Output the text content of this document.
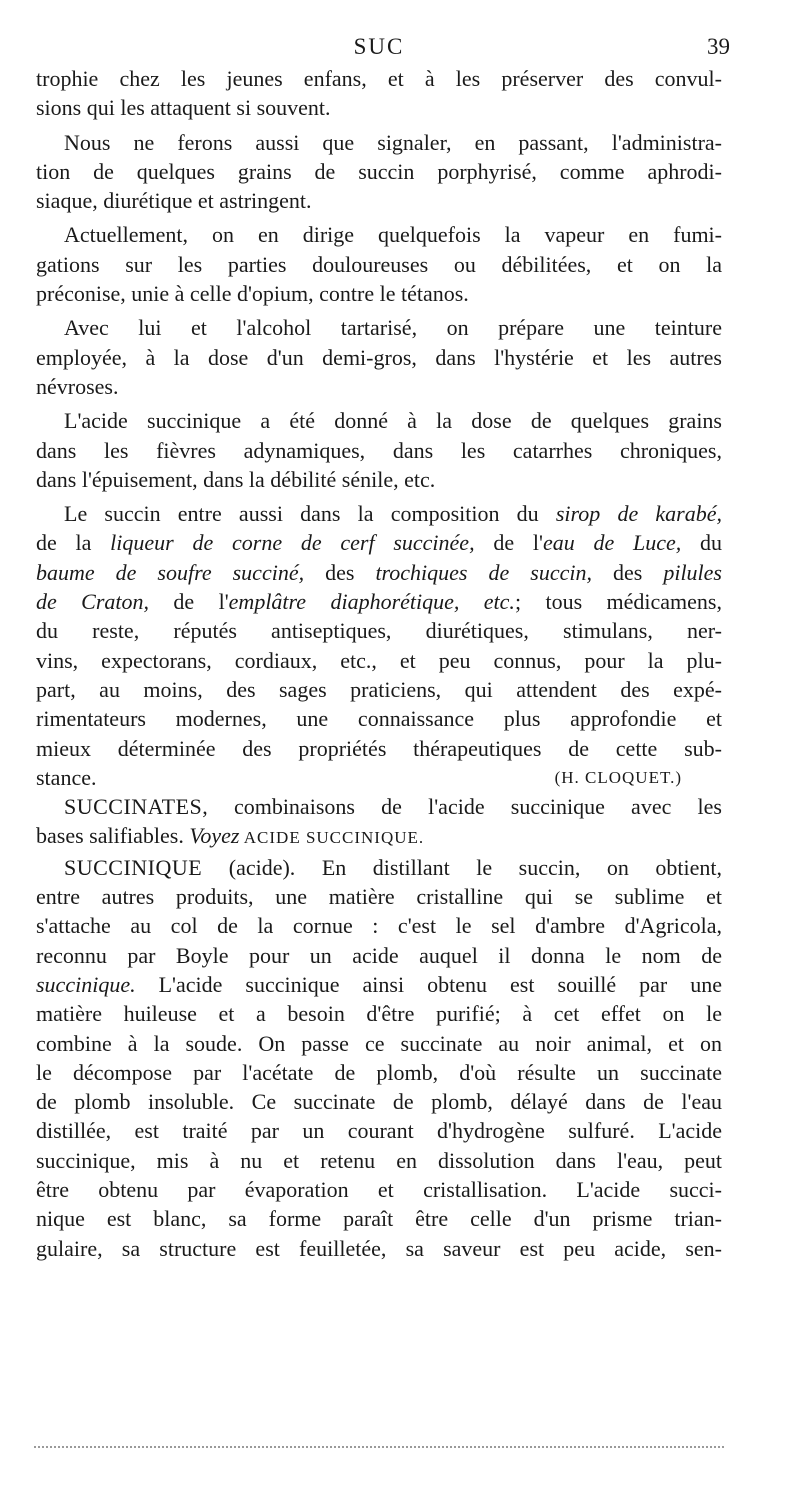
SUC	39
trophie chez les jeunes enfans, et à les préserver des convul-
sions qui les attaquent si souvent.
Nous ne ferons aussi que signaler, en passant, l'administra-
tion de quelques grains de succin porphyrisé, comme aphrodi-
siaque, diurétique et astringent.
Actuellement, on en dirige quelquefois la vapeur en fumi-
gations sur les parties douloureuses ou débilitées, et on la
préconise, unie à celle d'opium, contre le tétanos.
Avec lui et l'alcohol tartarisé, on prépare une teinture
employée, à la dose d'un demi-gros, dans l'hystérie et les autres
névroses.
L'acide succinique a été donné à la dose de quelques grains
dans les fièvres adynamiques, dans les catarrhes chroniques,
dans l'épuisement, dans la débilité sénile, etc.
Le succin entre aussi dans la composition du sirop de karabé,
de la liqueur de corne de cerf succinée, de l'eau de Luce, du
baume de soufre succiné, des trochiques de succin, des pilules
de Craton, de l'emplâtre diaphorétique, etc.; tous médicamens,
du reste, réputés antiseptiques, diurétiques, stimulans, ner-
vins, expectorans, cordiaux, etc., et peu connus, pour la plu-
part, au moins, des sages praticiens, qui attendent des expé-
rimentateurs modernes, une connaissance plus approfondie et
mieux déterminée des propriétés thérapeutiques de cette sub-
stance.	(H. CLOQUET.)
SUCCINATES, combinaisons de l'acide succinique avec les
bases salifiables. Voyez ACIDE SUCCINIQUE.
SUCCINIQUE (acide). En distillant le succin, on obtient,
entre autres produits, une matière cristalline qui se sublime et
s'attache au col de la cornue : c'est le sel d'ambre d'Agricola,
reconnu par Boyle pour un acide auquel il donna le nom de
succinique. L'acide succinique ainsi obtenu est souillé par une
matière huileuse et a besoin d'être purifié; à cet effet on le
combine à la soude. On passe ce succinate au noir animal, et on
le décompose par l'acétate de plomb, d'où résulte un succinate
de plomb insoluble. Ce succinate de plomb, délayé dans de l'eau
distillée, est traité par un courant d'hydrogène sulfuré. L'acide
succinique, mis à nu et retenu en dissolution dans l'eau, peut
être obtenu par évaporation et cristallisation. L'acide succi-
nique est blanc, sa forme paraît être celle d'un prisme trian-
gulaire, sa structure est feuilletée, sa saveur est peu acide, sen-
